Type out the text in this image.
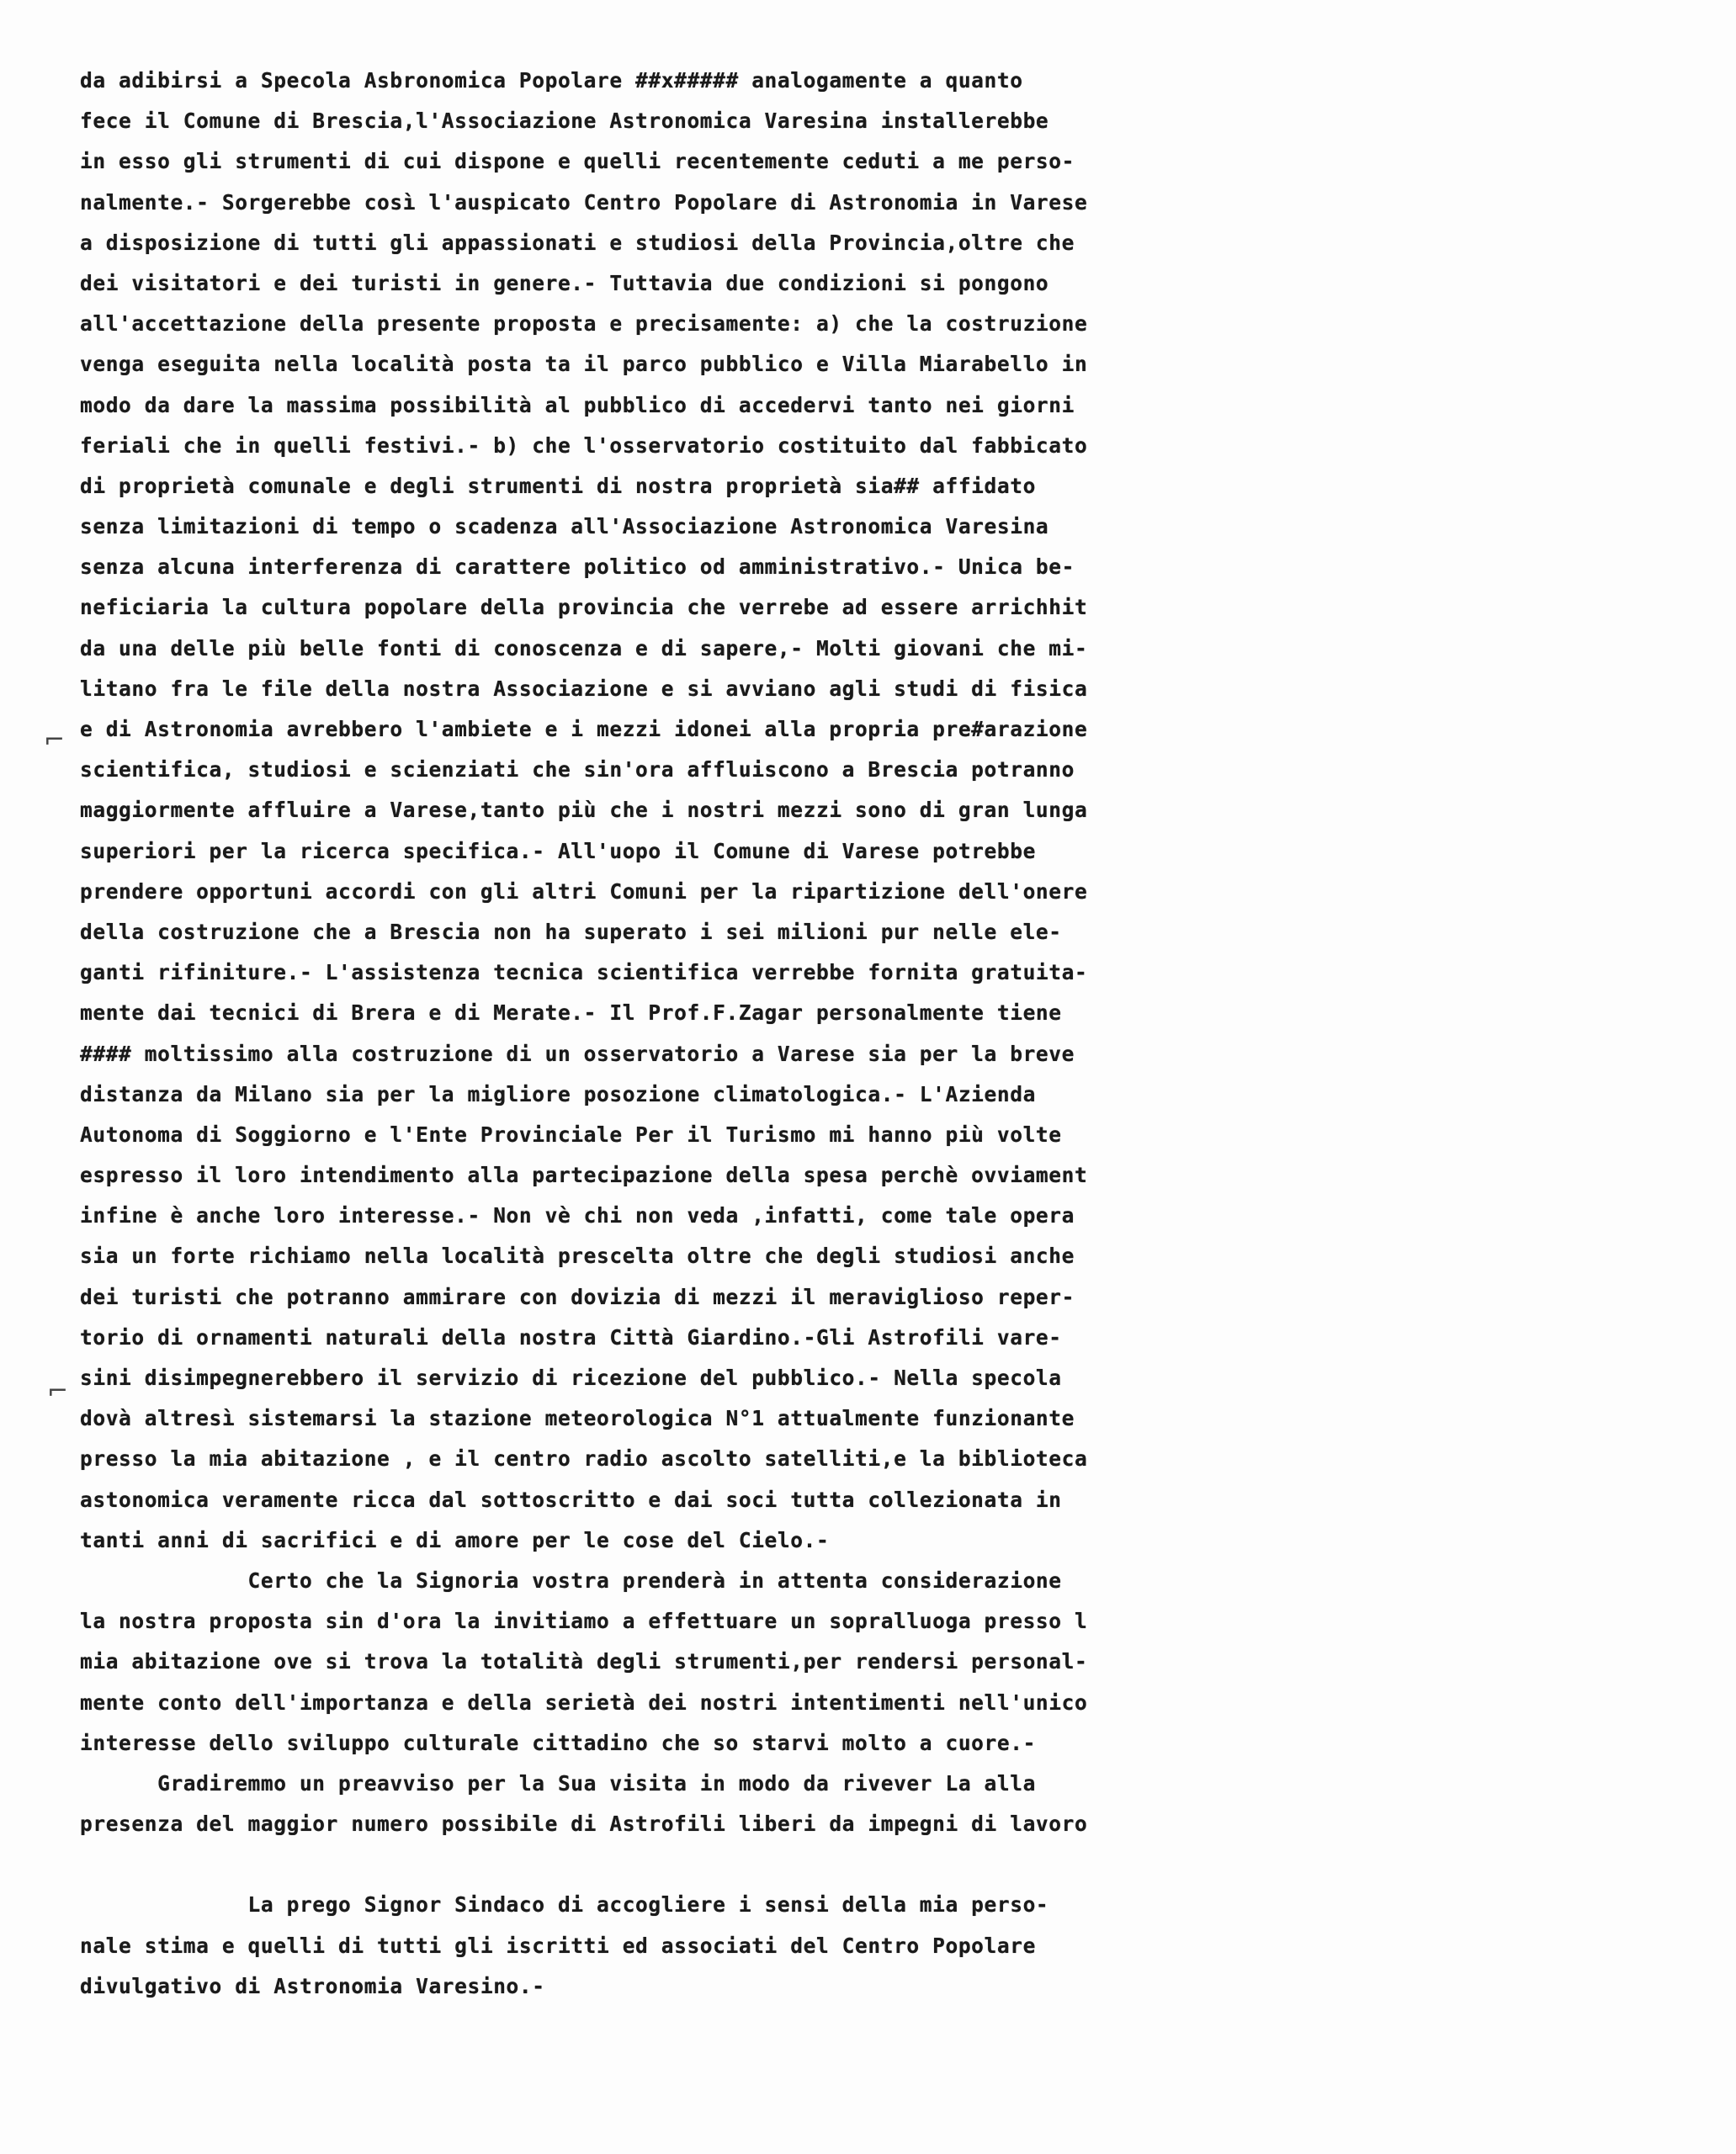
da adibirsi a Specola Asbronomica Popolare ##x##### analogamente a quanto
fece il Comune di Brescia,l'Associazione Astronomica Varesina installerebbe
in esso gli strumenti di cui dispone e quelli recentemente ceduti a me perso-
nalmente.- Sorgerebbe così l'auspicato Centro Popolare di Astronomia in Varese
a disposizione di tutti gli appassionati e studiosi della Provincia,oltre che
dei visitatori e dei turisti in genere.- Tuttavia due condizioni si pongono
all'accettazione della presente proposta e precisamente: a) che la costruzione
venga eseguita nella località posta ta il parco pubblico e Villa Miarabello in
modo da dare la massima possibilità al pubblico di accedervi tanto nei giorni
feriali che in quelli festivi.- b) che l'osservatorio costituito dal fabbicato
di proprietà comunale e degli strumenti di nostra proprietà sia## affidato
senza limitazioni di tempo o scadenza all'Associazione Astronomica Varesina
senza alcuna interferenza di carattere politico od amministrativo.- Unica be-
neficiaria la cultura popolare della provincia che verrebe ad essere arrichhit
da una delle più belle fonti di conoscenza e di sapere,- Molti giovani che mi-
litano fra le file della nostra Associazione e si avviano agli studi di fisica
e di Astronomia avrebbero l'ambiete e i mezzi idonei alla propria pre#arazione
scientifica, studiosi e scienziati che sin'ora affluiscono a Brescia potranno
maggiormente affluire a Varese,tanto più che i nostri mezzi sono di gran lunga
superiori per la ricerca specifica.- All'uopo il Comune di Varese potrebbe
prendere opportuni accordi con gli altri Comuni per la ripartizione dell'onere
della costruzione che a Brescia non ha superato i sei milioni pur nelle ele-
ganti rifiniture.- L'assistenza tecnica scientifica verrebbe fornita gratuita-
mente dai tecnici di Brera e di Merate.- Il Prof.F.Zagar personalmente tiene
#### moltissimo alla costruzione di un osservatorio a Varese sia per la breve
distanza da Milano sia per la migliore posozione climatologica.- L'Azienda
Autonoma di Soggiorno e l'Ente Provinciale Per il Turismo mi hanno più volte
espresso il loro intendimento alla partecipazione della spesa perchè ovviament
infine è anche loro interesse.- Non vè chi non veda ,infatti, come tale opera
sia un forte richiamo nella località prescelta oltre che degli studiosi anche
dei turisti che potranno ammirare con dovizia di mezzi il meraviglioso reper-
torio di ornamenti naturali della nostra Città Giardino.-Gli Astrofili vare-
sini disimpegnerebbero il servizio di ricezione del pubblico.- Nella specola
dovà altresì sistemarsi la stazione meteorologica N°1 attualmente funzionante
presso la mia abitazione , e il centro radio ascolto satelliti,e la biblioteca
astonomica veramente ricca dal sottoscritto e dai soci tutta collezionata in
tanti anni di sacrifici e di amore per le cose del Cielo.-
Certo che la Signoria vostra prenderà in attenta considerazione
la nostra proposta sin d'ora la invitiamo a effettuare un sopralluoga presso l
mia abitazione ove si trova la totalità degli strumenti,per rendersi personal-
mente conto dell'importanza e della serietà dei nostri intentimenti nell'unico
interesse dello sviluppo culturale cittadino che so starvi molto a cuore.-
Gradiremmo un preavviso per la Sua visita in modo da rivever La alla
presenza del maggior numero possibile di Astrofili liberi da impegni di lavoro
La prego Signor Sindaco di accogliere i sensi della mia perso-
nale stima e quelli di tutti gli iscritti ed associati del Centro Popolare
divulgativo di Astronomia Varesino.-
⌐
⌐
